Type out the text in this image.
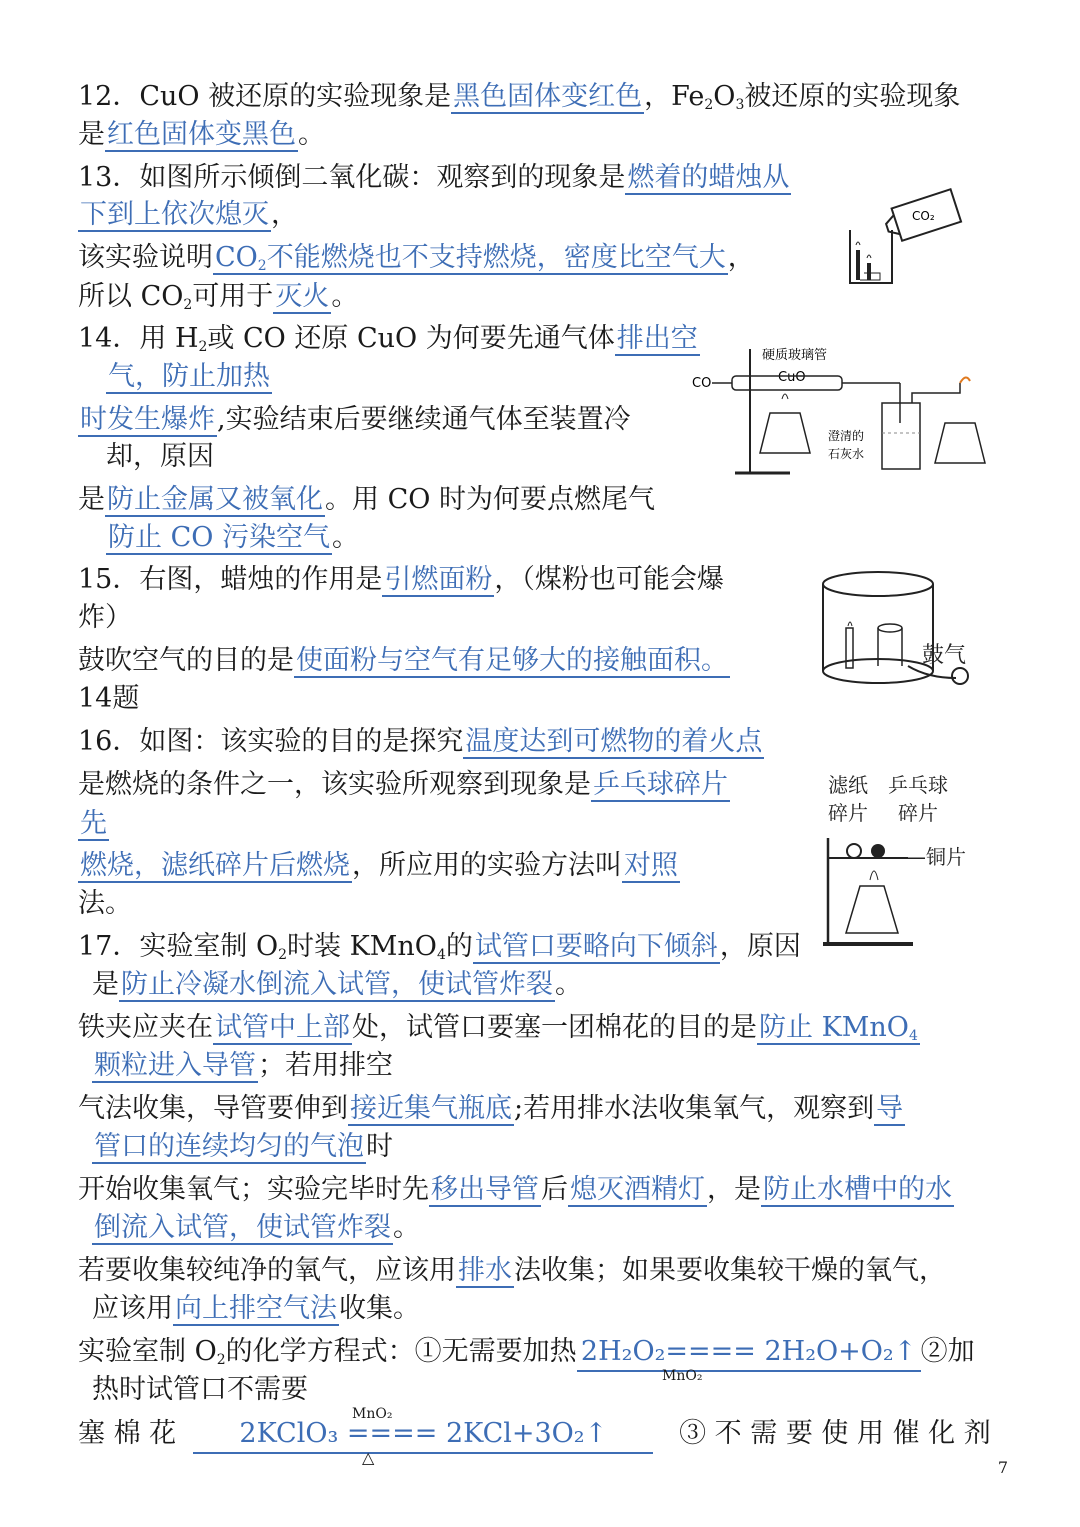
12．CuO 被还原的实验现象是黑色固体变红色，$Fe_2O_3$被还原的实验现象
是红色固体变黑色。
13．如图所示倾倒二氧化碳：观察到的现象是燃着的蜡烛从
下到上依次熄灭，
该实验说明$CO_2$不能燃烧也不支持燃烧，密度比空气大，
所以 $CO_2$可用于灭火。
CO₂
14．用 $H_2$或 CO 还原 CuO 为何要先通气体排出空
气，防止加热
时发生爆炸,实验结束后要继续通气体至装置冷
却，原因
是防止金属又被氧化。用 CO 时为何要点燃尾气
防止 CO 污染空气。
硬质玻璃管
CuO
CO
澄清的
石灰水
15．右图，蜡烛的作用是引燃面粉，（煤粉也可能会爆
炸）
鼓吹空气的目的是使面粉与空气有足够大的接触面积。
14题
鼓气
16．如图：该实验的目的是探究温度达到可燃物的着火点
是燃烧的条件之一，该实验所观察到现象是乒乓球碎片
先
燃烧，滤纸碎片后燃烧，所应用的实验方法叫对照
法。
滤纸
碎片
乒乓球
碎片
—铜片
17．实验室制 $O_2$时装 KMnO$_4$的试管口要略向下倾斜，原因
是防止冷凝水倒流入试管，使试管炸裂。
铁夹应夹在试管中上部处，试管口要塞一团棉花的目的是防止 KMnO$_4$
颗粒进入导管；若用排空
气法收集，导管要伸到接近集气瓶底;若用排水法收集氧气，观察到导
管口的连续均匀的气泡时
开始收集氧气；实验完毕时先移出导管后熄灭酒精灯，是防止水槽中的水
倒流入试管，使试管炸裂。
若要收集较纯净的氧气，应该用排水法收集；如果要收集较干燥的氧气，
应该用向上排空气法收集。
实验室制 $O_2$的化学方程式：①无需要加热 2H₂O₂==== 2H₂O+O₂↑ ②加
MnO₂
热时试管口不需要
MnO₂
塞 棉 花 2KClO₃ ==== 2KCl+3O₂↑	③ 不 需 要 使 用 催 化 剂
△
7
